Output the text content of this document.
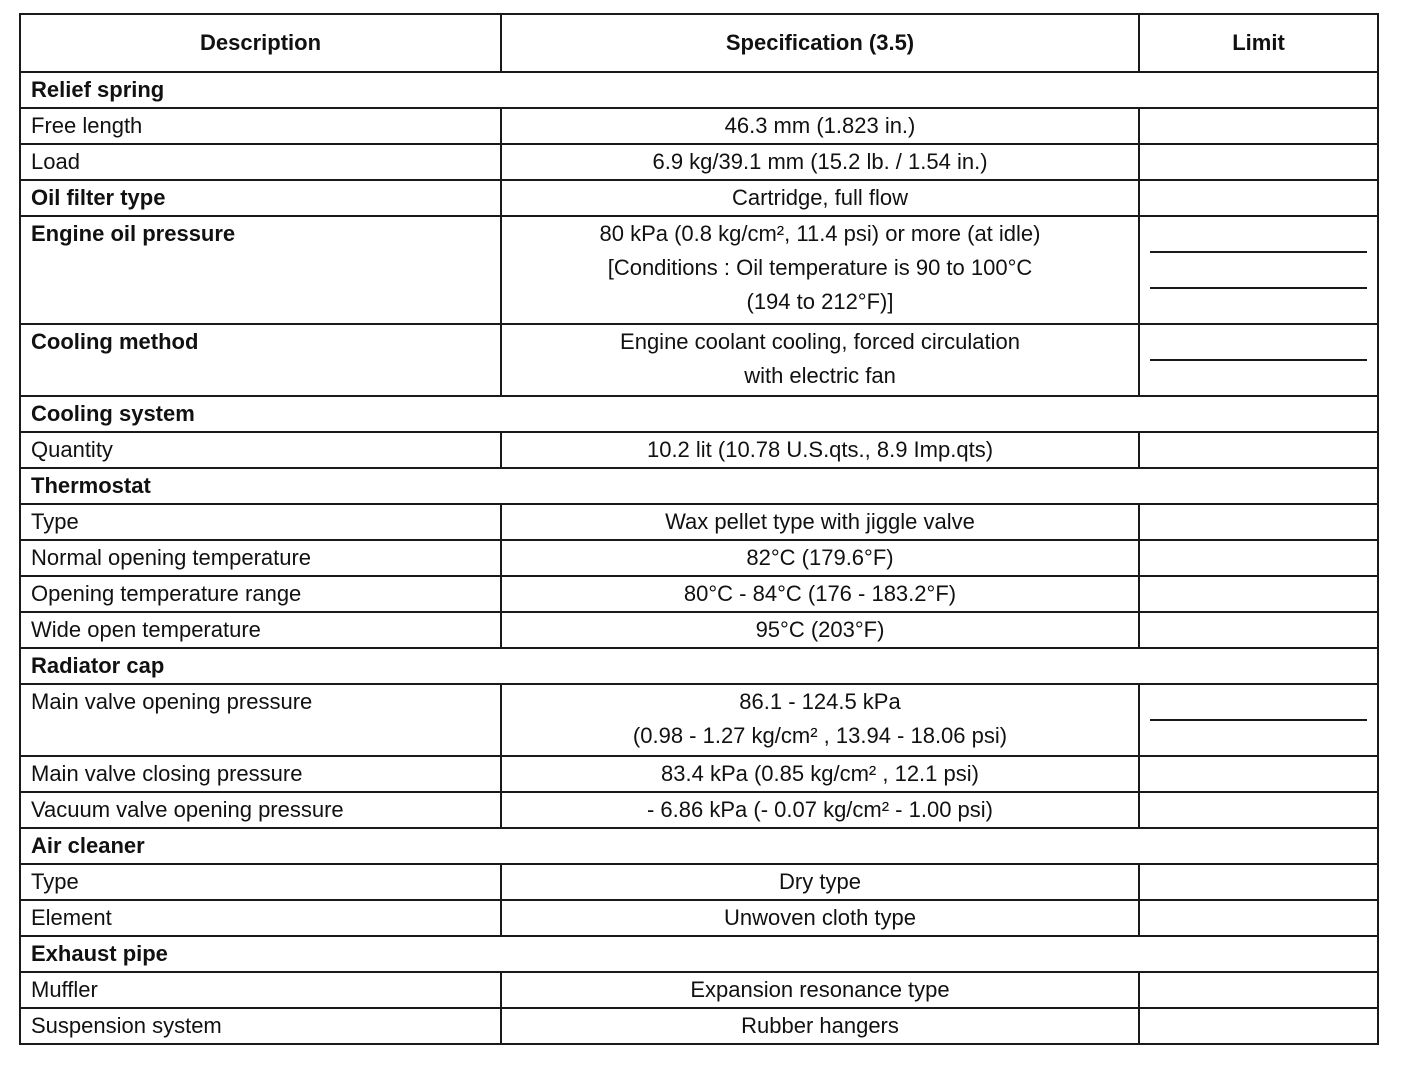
Description	Specification (3.5)	Limit
Relief spring		
Free length	46.3 mm (1.823 in.)	

Load	6.9 kg/39.1 mm (15.2 lb. / 1.54 in.)	

Oil filter type	Cartridge, full flow	

Engine oil pressure	80 kPa (0.8 kg/cm², 11.4 psi) or more (at idle)
[Conditions : Oil temperature is 90 to 100°C
(194 to 212°F)]	

Cooling method	Engine coolant cooling, forced circulation
with electric fan	

Cooling system		
Quantity	10.2 lit (10.78 U.S.qts., 8.9 Imp.qts)	

Thermostat		
Type	Wax pellet type with jiggle valve	

Normal opening temperature	82°C (179.6°F)	

Opening temperature range	80°C - 84°C (176 - 183.2°F)	

Wide open temperature	95°C (203°F)	

Radiator cap		
Main valve opening pressure	86.1 - 124.5 kPa
(0.98 - 1.27 kg/cm² , 13.94 - 18.06 psi)	

Main valve closing pressure	83.4 kPa (0.85 kg/cm² , 12.1 psi)	

Vacuum valve opening pressure	- 6.86 kPa (- 0.07 kg/cm² - 1.00 psi)	

Air cleaner		
Type	Dry type	

Element	Unwoven cloth type	

Exhaust pipe		
Muffler	Expansion resonance type	

Suspension system	Rubber hangers	
